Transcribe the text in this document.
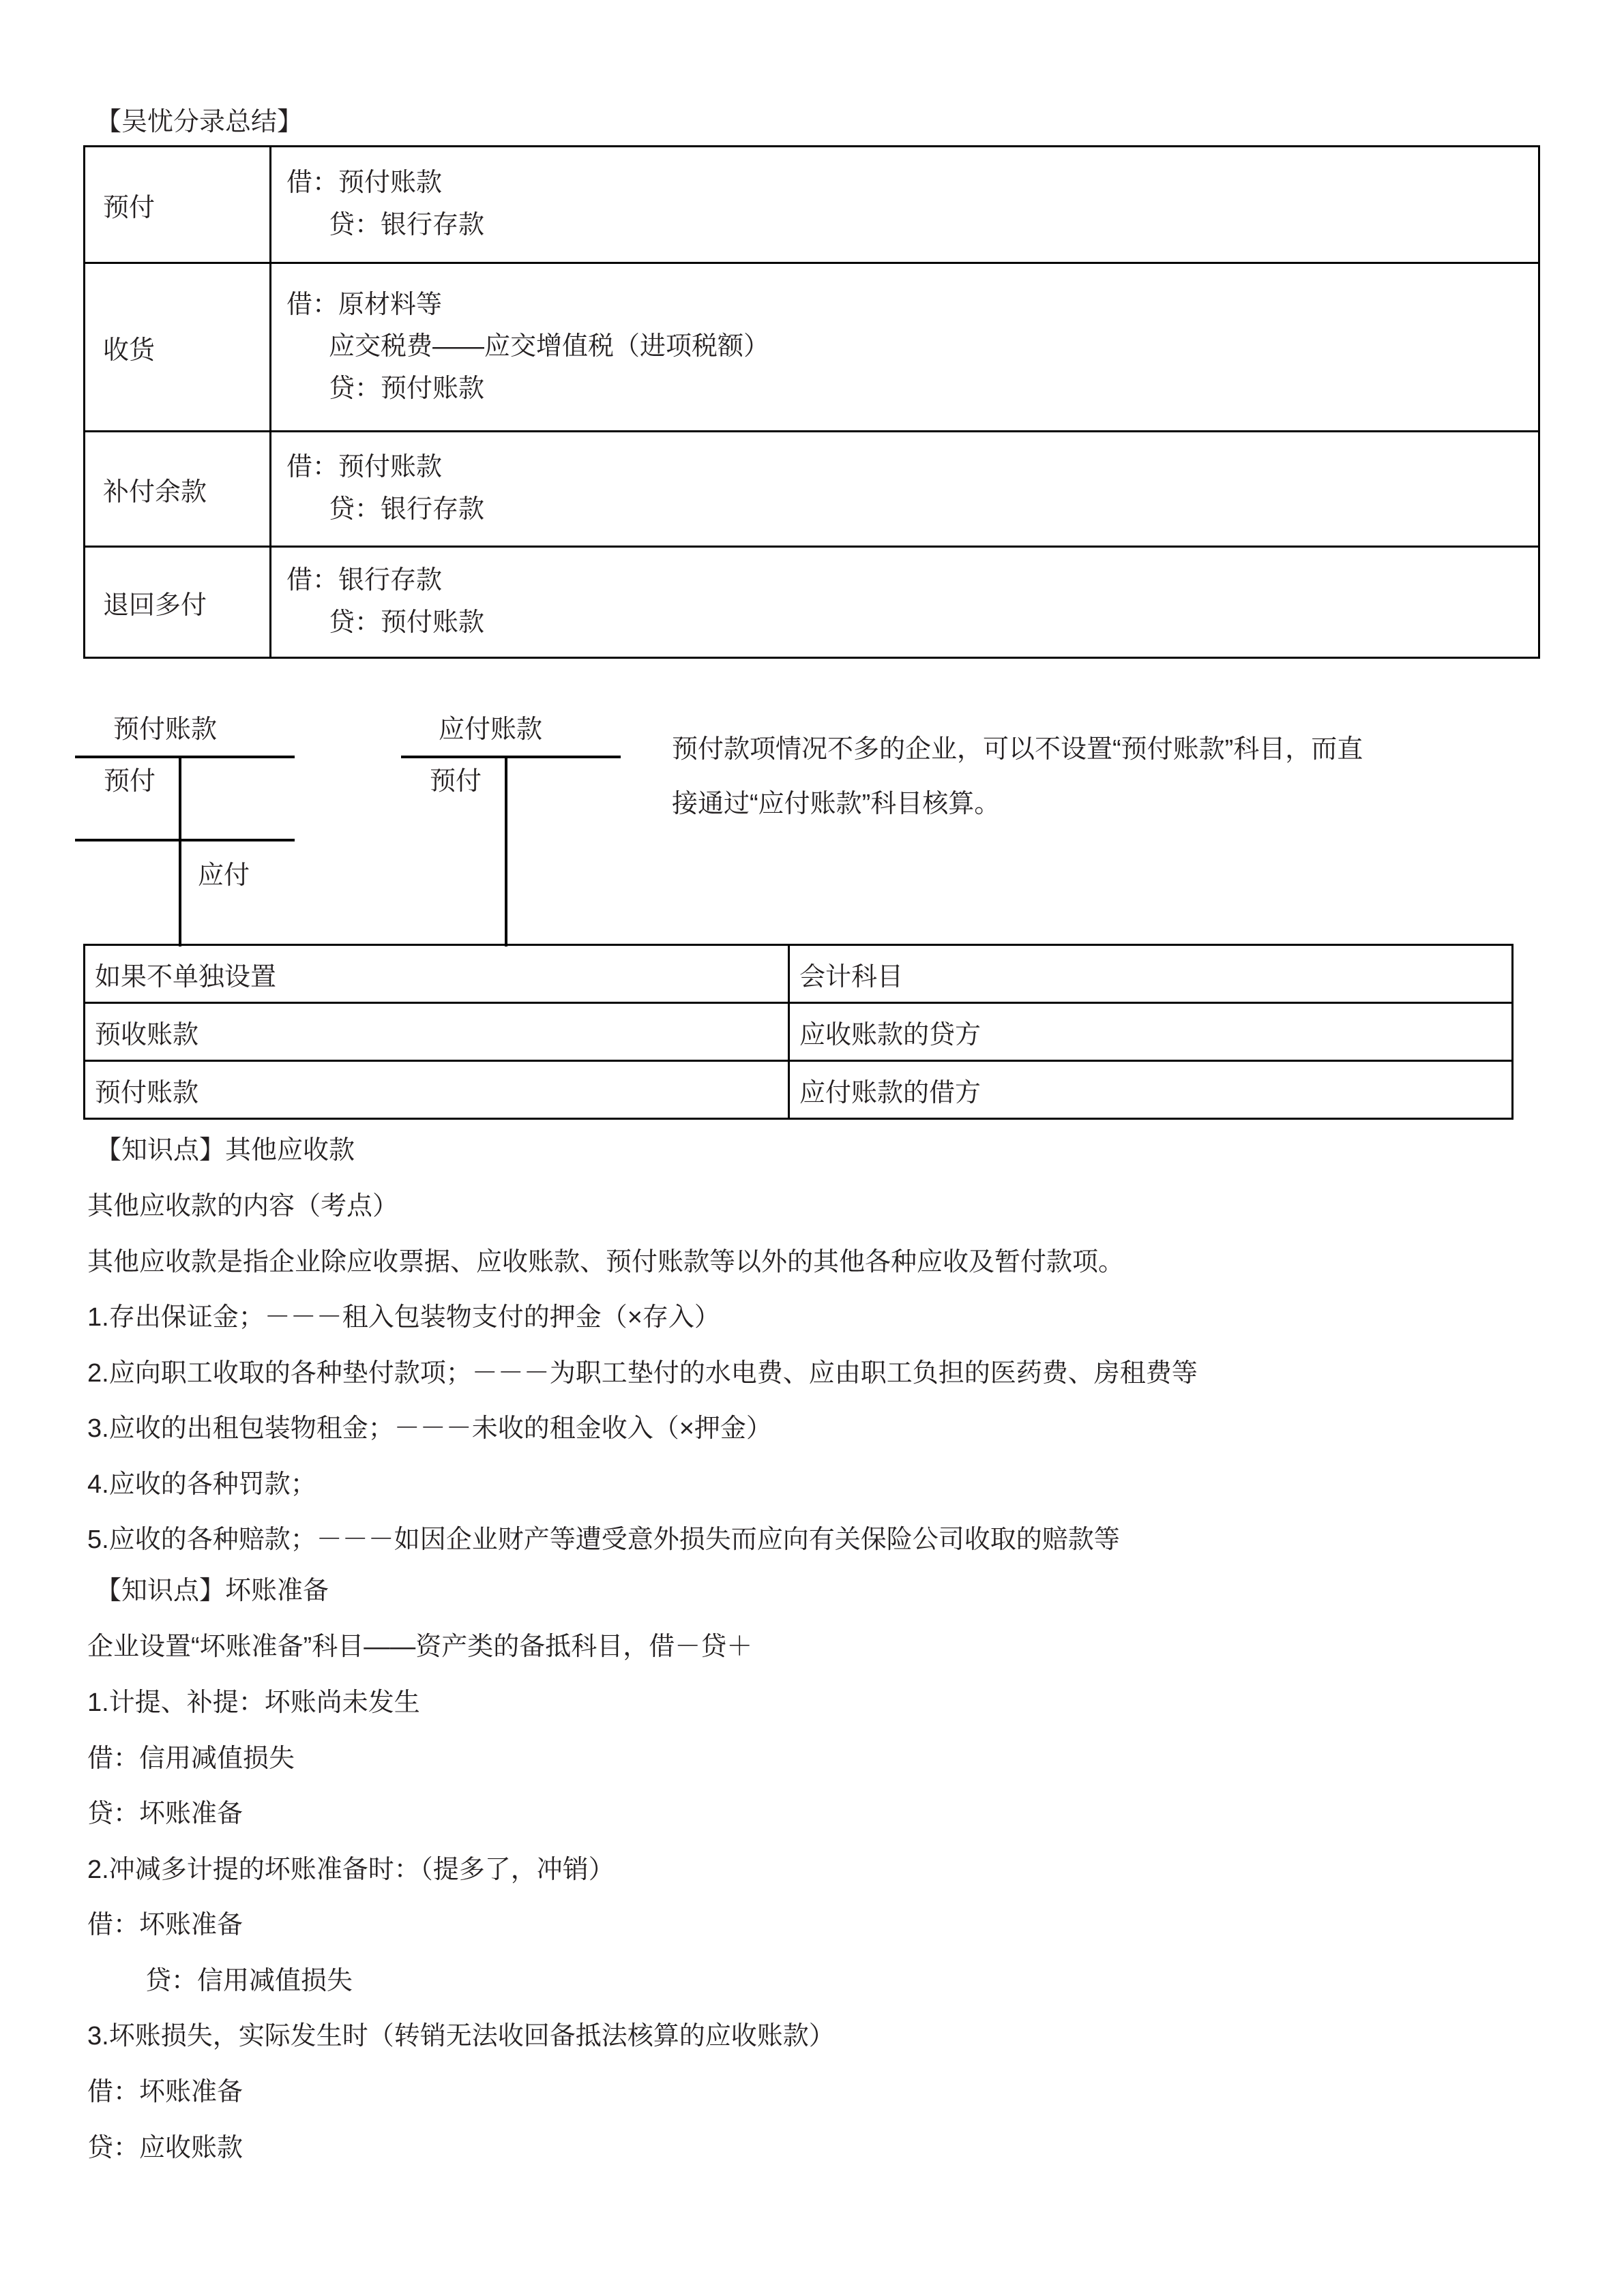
【吴忧分录总结】
预付	借：预付账款
贷：银行存款

收货	借：原材料等
应交税费——应交增值税（进项税额）
贷：预付账款

补付余款	借：预付账款
贷：银行存款

退回多付	借：银行存款
贷：预付账款
预付账款
预付
应付
应付账款
预付
预付款项情况不多的企业，可以不设置“预付账款”科目，而直
接通过“应付账款”科目核算。
如果不单独设置	会计科目

预收账款	应收账款的贷方

预付账款	应付账款的借方
【知识点】其他应收款
其他应收款的内容（考点）
其他应收款是指企业除应收票据、应收账款、预付账款等以外的其他各种应收及暂付款项。
1.存出保证金；－－－租入包装物支付的押金（×存入）
2.应向职工收取的各种垫付款项；－－－为职工垫付的水电费、应由职工负担的医药费、房租费等
3.应收的出租包装物租金；－－－未收的租金收入（×押金）
4.应收的各种罚款；
5.应收的各种赔款；－－－如因企业财产等遭受意外损失而应向有关保险公司收取的赔款等
【知识点】坏账准备
企业设置“坏账准备”科目——资产类的备抵科目，借－贷＋
1.计提、补提：坏账尚未发生
借：信用减值损失
贷：坏账准备
2.冲减多计提的坏账准备时：（提多了，冲销）
借：坏账准备
贷：信用减值损失
3.坏账损失，实际发生时（转销无法收回备抵法核算的应收账款）
借：坏账准备
贷：应收账款
